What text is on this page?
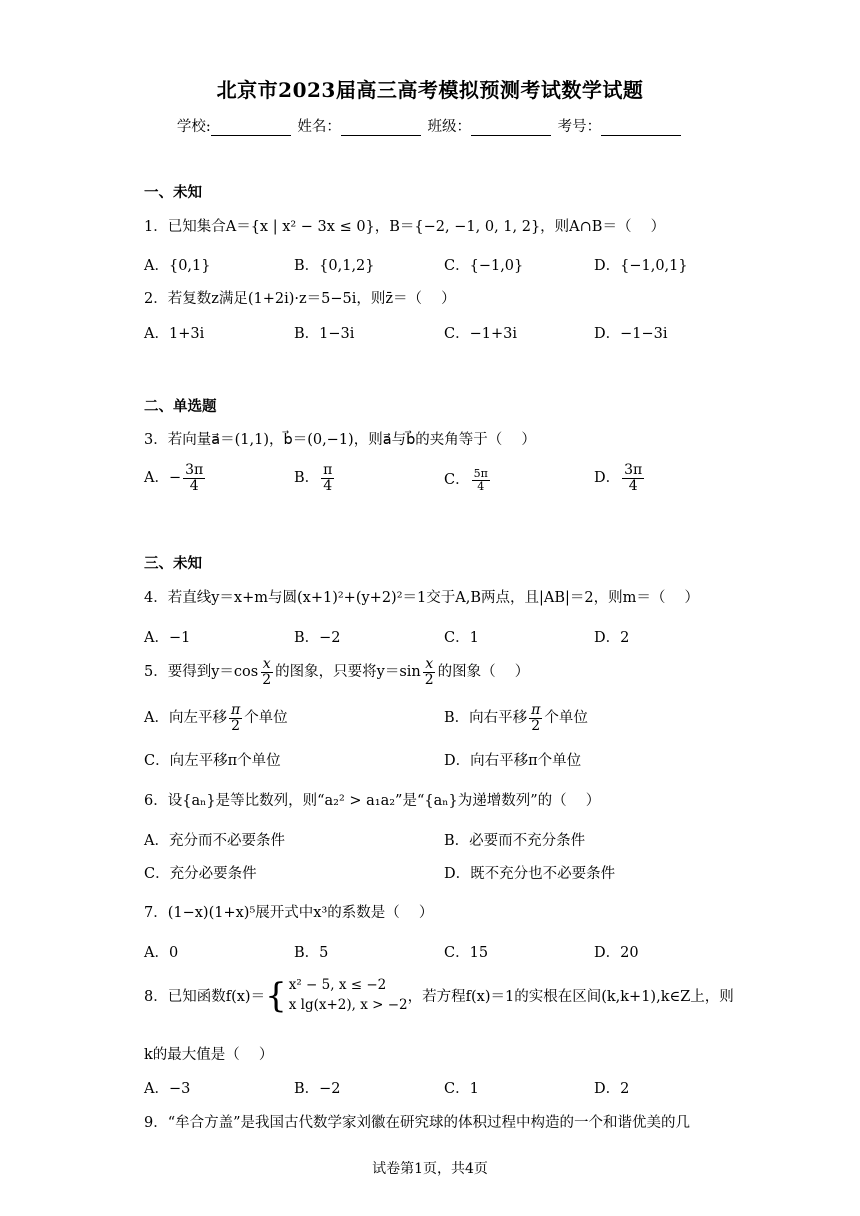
北京市2023届高三高考模拟预测考试数学试题
学校:	姓名：	班级：	考号：
一、未知
1．已知集合A＝{x | x² − 3x ≤ 0}，B＝{−2, −1, 0, 1, 2}，则A∩B＝（　 ）
A．{0,1}	B．{0,1,2}	C．{−1,0}	D．{−1,0,1}
2．若复数z满足(1+2i)·z＝5−5i，则z̄＝（　 ）
A．1+3i	B．1−3i	C．−1+3i	D．−1−3i
二、单选题
3．若向量a⃗＝(1,1)，b⃗＝(0,−1)，则a⃗与b⃗的夹角等于（　 ）
A．− $\frac{3\pi}{4}$	B． $\frac{\pi}{4}$	C． $\frac{5\pi}{4}$	D． $\frac{3\pi}{4}$
三、未知
4．若直线y＝x+m与圆(x+1)²+(y+2)²＝1交于A,B两点，且|AB|＝2，则m＝（　 ）
A．−1	B．−2	C．1	D．2
5．要得到$y=\cos \frac{x}{2}$ 的图象，只要将$y=\sin \frac{x}{2}$ 的图象（　 ）
A．向左平移 $\frac{\pi}{2}$ 个单位	B．向右平移 $\frac{\pi}{2}$ 个单位
C．向左平移π个单位	D．向右平移π个单位
6．设{aₙ}是等比数列，则“a₂² > a₁a₂”是“{aₙ}为递增数列”的（　 ）
A．充分而不必要条件	B．必要而不充分条件
C．充分必要条件	D．既不充分也不必要条件
7．(1−x)(1+x)⁵展开式中x³的系数是（　 ）
A．0	B．5	C．15	D．20
8．已知函数f(x)＝ { x² − 5, x ≤ −2
x lg(x+2), x > −2 ，若方程f(x)＝1的实根在区间(k,k+1),k∈Z上，则
k的最大值是（　 ）
A．−3	B．−2	C．1	D．2
9．“牟合方盖”是我国古代数学家刘徽在研究球的体积过程中构造的一个和谐优美的几
试卷第1页，共4页
